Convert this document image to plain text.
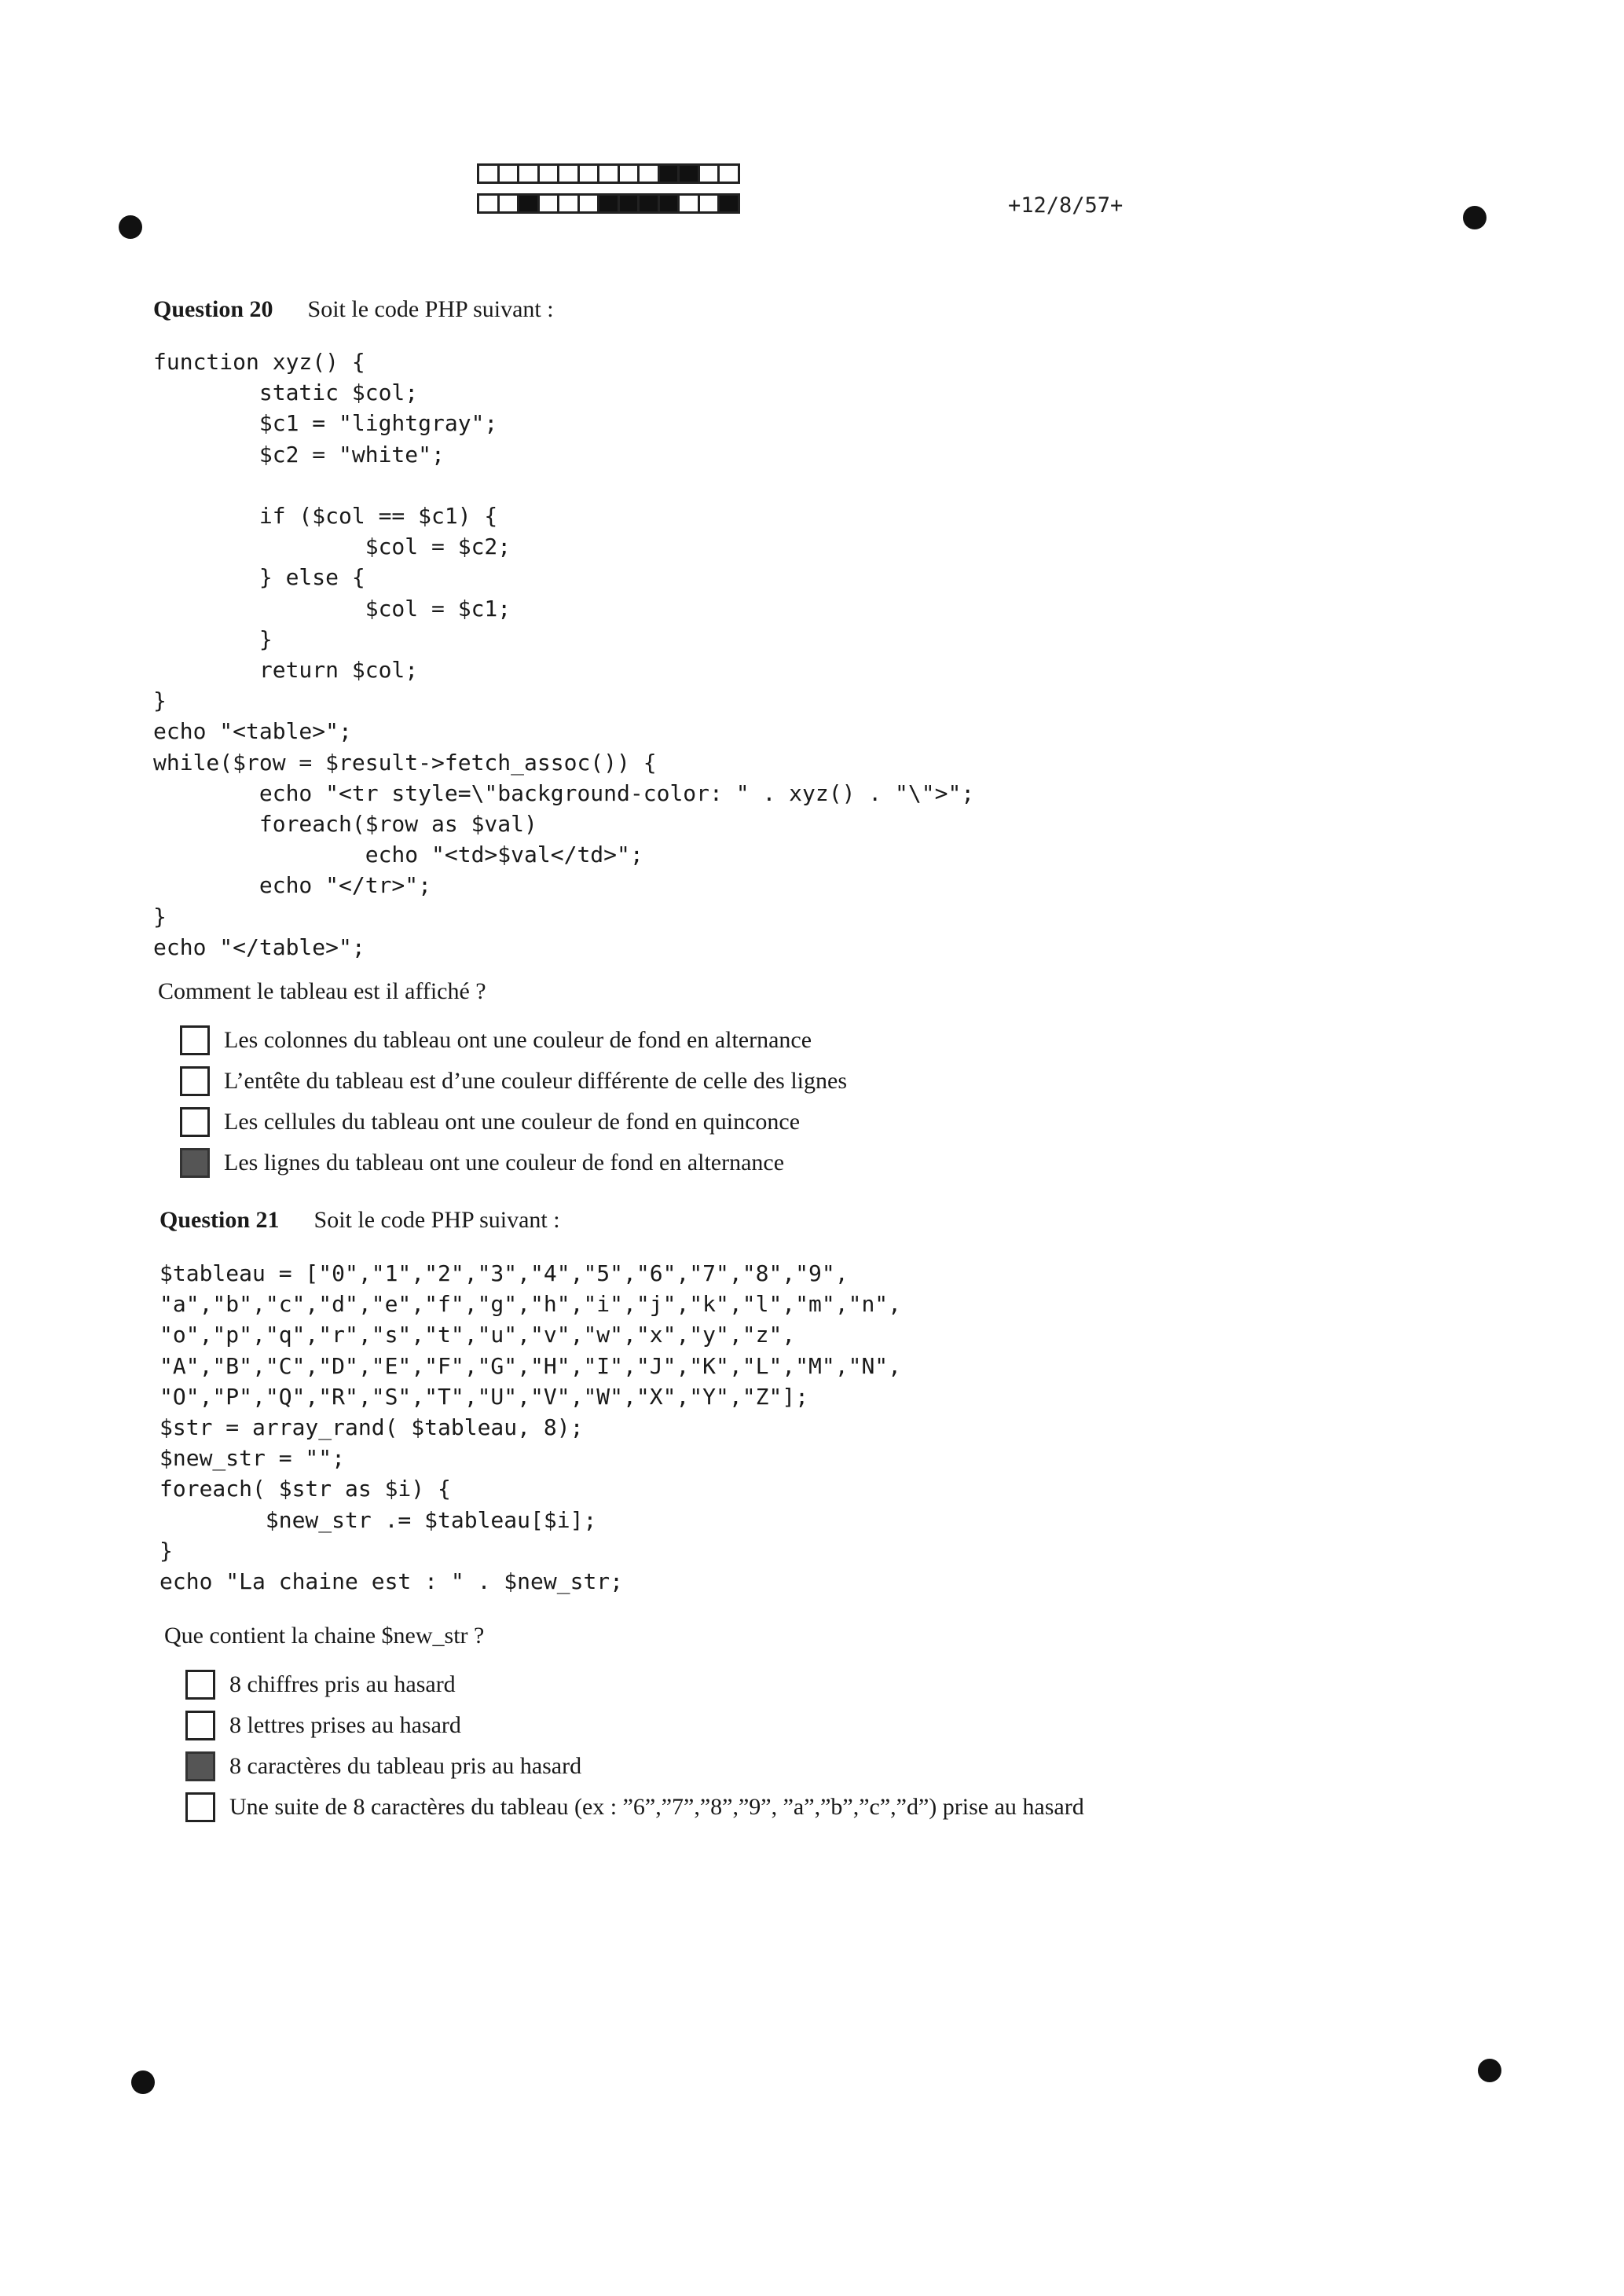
+12/8/57+
Question 20 Soit le code PHP suivant :
function xyz() {
static $col;
$c1 = "lightgray";
$c2 = "white";

if ($col == $c1) {
$col = $c2;
} else {
$col = $c1;
}
return $col;
}
echo "<table>";
while($row = $result->fetch_assoc()) {
echo "<tr style=\"background-color: " . xyz() . "\">";
foreach($row as $val)
echo "<td>$val</td>";
echo "</tr>";
}
echo "</table>";
Comment le tableau est il affiché ?
Les colonnes du tableau ont une couleur de fond en alternance
L’entête du tableau est d’une couleur différente de celle des lignes
Les cellules du tableau ont une couleur de fond en quinconce
Les lignes du tableau ont une couleur de fond en alternance
Question 21 Soit le code PHP suivant :
$tableau = ["0","1","2","3","4","5","6","7","8","9",
"a","b","c","d","e","f","g","h","i","j","k","l","m","n",
"o","p","q","r","s","t","u","v","w","x","y","z",
"A","B","C","D","E","F","G","H","I","J","K","L","M","N",
"O","P","Q","R","S","T","U","V","W","X","Y","Z"];
$str = array_rand( $tableau, 8);
$new_str = "";
foreach( $str as $i) {
$new_str .= $tableau[$i];
}
echo "La chaine est : " . $new_str;
Que contient la chaine $new_str ?
8 chiffres pris au hasard
8 lettres prises au hasard
8 caractères du tableau pris au hasard
Une suite de 8 caractères du tableau (ex : ”6”,”7”,”8”,”9”, ”a”,”b”,”c”,”d”) prise au hasard
